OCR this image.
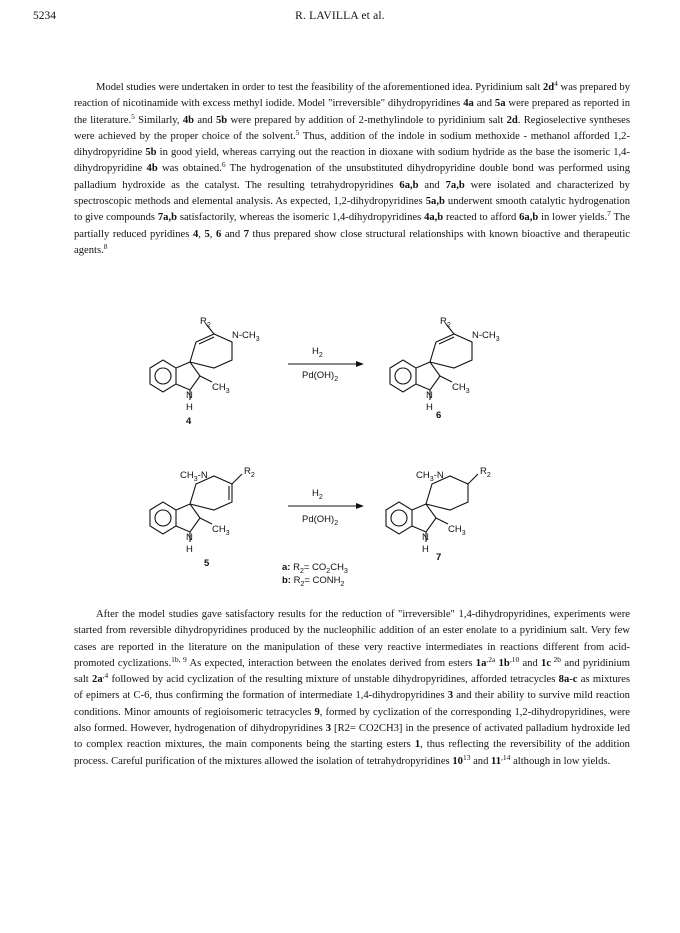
5234	R. LAVILLA et al.

Model studies were undertaken in order to test the feasibility of the aforementioned idea. Pyridinium salt $2d^4$ was prepared by reaction of nicotinamide with excess methyl iodide. Model "irreversible" dihydropyridines 4a and 5a were prepared as reported in the literature.$^5$ Similarly, 4b and 5b were prepared by addition of 2-methylindole to pyridinium salt 2d. Regioselective syntheses were achieved by the proper choice of the solvent.$^5$ Thus, addition of the indole in sodium methoxide - methanol afforded 1,2-dihydropyridine 5b in good yield, whereas carrying out the reaction in dioxane with sodium hydride as the base the isomeric 1,4-dihydropyridine 4b was obtained.$^6$ The hydrogenation of the unsubstituted dihydropyridine double bond was performed using palladium hydroxide as the catalyst. The resulting tetrahydropyridines 6a,b and 7a,b were isolated and characterized by spectroscopic methods and elemental analysis. As expected, 1,2-dihydropyridines 5a,b underwent smooth catalytic hydrogenation to give compounds 7a,b satisfactorily, whereas the isomeric 1,4-dihydropyridines 4a,b reacted to afford 6a,b in lower yields.$^7$ The partially reduced pyridines 4, 5, 6 and 7 thus prepared show close structural relationships with known bioactive and therapeutic agents.$^8$

$R_2$
$N-CH_3$
$CH_3$
N
H
4
$H_2$
$Pd(OH)_2$
$R_2$
$N-CH_3$
$CH_3$
N
H
6
$CH_3-N$	$R_2$
$CH_3$
N
H
5
$H_2$
$Pd(OH)_2$
$CH_3-N$	$R_2$
$CH_3$
N
H
7
a: $R_2= CO_2CH_3$
b: $R_2=$ $CONH_2$

After the model studies gave satisfactory results for the reduction of "irreversible" 1,4-dihydropyridines, experiments were started from reversible dihydropyridines produced by the nucleophilic addition of an ester enolate to a pyridinium salt. Very few cases are reported in the literature on the manipulation of these very reactive intermediates in reactions different from acid-promoted cyclizations.$^{1b, 9}$ As expected, interaction between the enolates derived from esters $1a^{,2a}$ $1b^{,10}$ and 1c $^{2b}$ and pyridinium salt $2a^{,4}$ followed by acid cyclization of the resulting mixture of unstable dihydropyridines, afforded tetracycles 8a-c as mixtures of epimers at C-6, thus confirming the formation of intermediate 1,4-dihydropyridines 3 and their ability to survive mild reaction conditions. Minor amounts of regioisomeric tetracycles 9, formed by cyclization of the corresponding 1,2-dihydropyridines, were also formed. However, hydrogenation of dihydropyridines 3 [R2= CO2CH3] in the presence of activated palladium hydroxide led to complex reaction mixtures, the main components being the starting esters 1, thus reflecting the reversibility of the addition process. Careful purification of the mixtures allowed the isolation of tetrahydropyridines $10^{13}$ and $11^{,14}$ although in low yields.
